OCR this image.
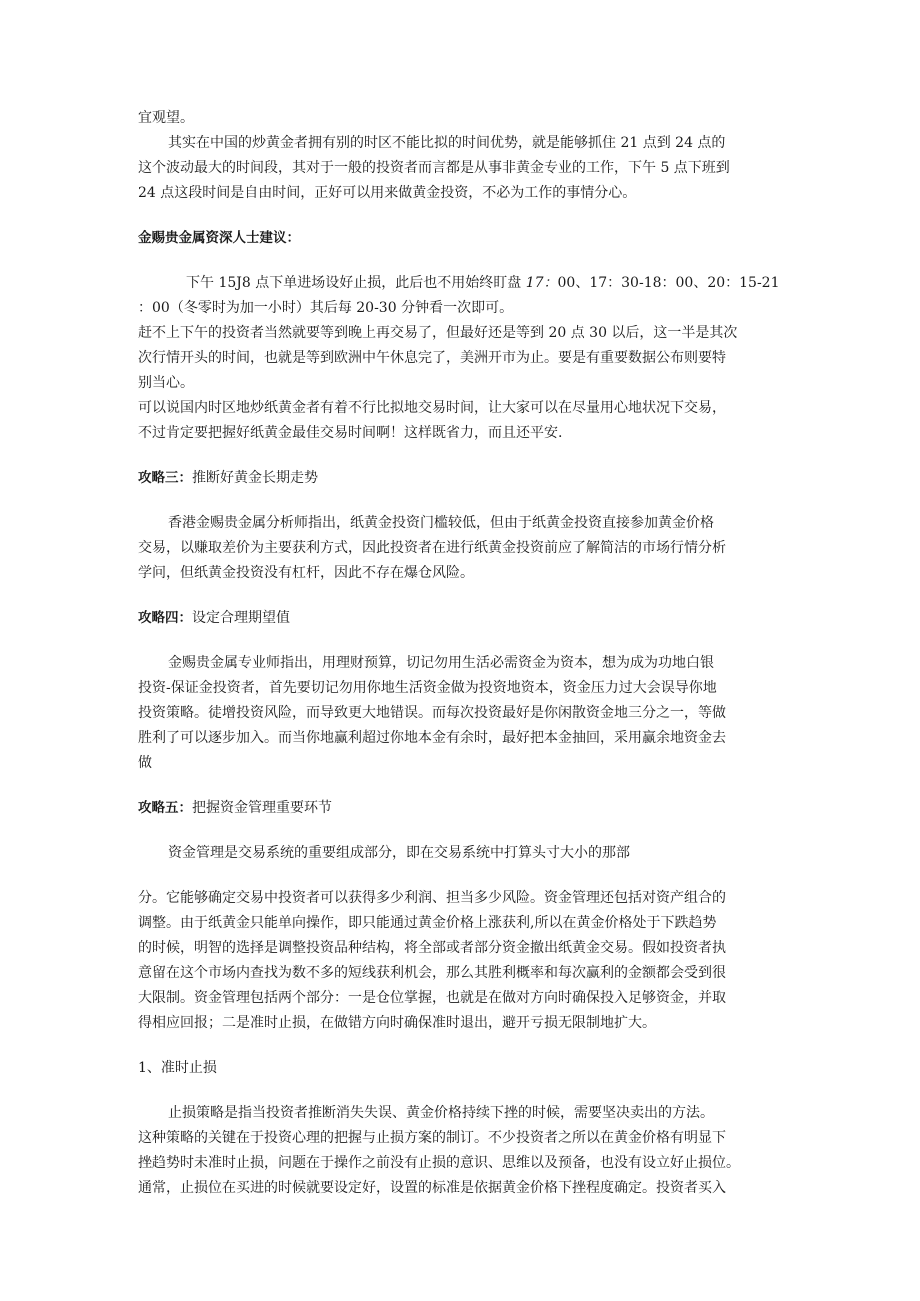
宜观望。
其实在中国的炒黄金者拥有别的时区不能比拟的时间优势，就是能够抓住 21 点到 24 点的
这个波动最大的时间段，其对于一般的投资者而言都是从事非黄金专业的工作，下午 5 点下班到
24 点这段时间是自由时间，正好可以用来做黄金投资，不必为工作的事情分心。
金赐贵金属资深人士建议：
下午 15J8 点下单进场设好止损，此后也不用始终盯盘 17：00、17：30-18：00、20：15-21
：00（冬零时为加一小时）其后每 20-30 分钟看一次即可。
赶不上下午的投资者当然就要等到晚上再交易了，但最好还是等到 20 点 30 以后，这一半是其次
次行情开头的时间，也就是等到欧洲中午休息完了，美洲开市为止。要是有重要数据公布则要特
别当心。
可以说国内时区地炒纸黄金者有着不行比拟地交易时间，让大家可以在尽量用心地状况下交易，
不过肯定要把握好纸黄金最佳交易时间啊！这样既省力，而且还平安.
攻略三：推断好黄金长期走势
香港金赐贵金属分析师指出，纸黄金投资门槛较低，但由于纸黄金投资直接参加黄金价格
交易，以赚取差价为主要获利方式，因此投资者在进行纸黄金投资前应了解简洁的市场行情分析
学问，但纸黄金投资没有杠杆，因此不存在爆仓风险。
攻略四：设定合理期望值
金赐贵金属专业师指出，用理财预算，切记勿用生活必需资金为资本，想为成为功地白银
投资-保证金投资者，首先要切记勿用你地生活资金做为投资地资本，资金压力过大会误导你地
投资策略。徒增投资风险，而导致更大地错误。而每次投资最好是你闲散资金地三分之一，等做
胜利了可以逐步加入。而当你地赢利超过你地本金有余时，最好把本金抽回，采用赢余地资金去
做
攻略五：把握资金管理重要环节
资金管理是交易系统的重要组成部分，即在交易系统中打算头寸大小的那部
分。它能够确定交易中投资者可以获得多少利润、担当多少风险。资金管理还包括对资产组合的
调整。由于纸黄金只能单向操作，即只能通过黄金价格上涨获利,所以在黄金价格处于下跌趋势
的时候，明智的选择是调整投资品种结构，将全部或者部分资金撤出纸黄金交易。假如投资者执
意留在这个市场内查找为数不多的短线获利机会，那么其胜利概率和每次赢利的金额都会受到很
大限制。资金管理包括两个部分：一是仓位掌握，也就是在做对方向时确保投入足够资金，并取
得相应回报；二是准时止损，在做错方向时确保准时退出，避开亏损无限制地扩大。
1、准时止损
止损策略是指当投资者推断消失失误、黄金价格持续下挫的时候，需要坚决卖出的方法。
这种策略的关键在于投资心理的把握与止损方案的制订。不少投资者之所以在黄金价格有明显下
挫趋势时未准时止损，问题在于操作之前没有止损的意识、思维以及预备，也没有设立好止损位。
通常，止损位在买进的时候就要设定好，设置的标准是依据黄金价格下挫程度确定。投资者买入
